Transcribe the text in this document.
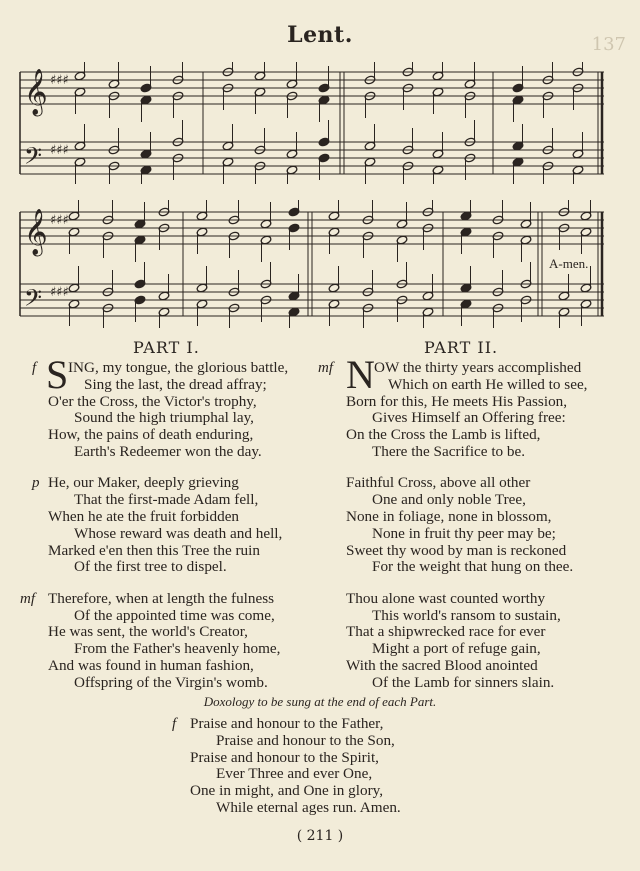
Lent.	137
𝄞
𝄢
♯♯♯
♯♯♯
𝄞
𝄢
♯♯♯
♯♯♯
A-men.
PART I.	PART II.
f S ING, my tongue, the glorious battle,
Sing the last, the dread affray;
O'er the Cross, the Victor's trophy,
Sound the high triumphal lay,
How, the pains of death enduring,
Earth's Redeemer won the day.
p He, our Maker, deeply grieving
That the first-made Adam fell,
When he ate the fruit forbidden
Whose reward was death and hell,
Marked e'en then this Tree the ruin
Of the first tree to dispel.
mf Therefore, when at length the fulness
Of the appointed time was come,
He was sent, the world's Creator,
From the Father's heavenly home,
And was found in human fashion,
Offspring of the Virgin's womb.
mf N OW the thirty years accomplished
Which on earth He willed to see,
Born for this, He meets His Passion,
Gives Himself an Offering free:
On the Cross the Lamb is lifted,
There the Sacrifice to be.
Faithful Cross, above all other
One and only noble Tree,
None in foliage, none in blossom,
None in fruit thy peer may be;
Sweet thy wood by man is reckoned
For the weight that hung on thee.
Thou alone wast counted worthy
This world's ransom to sustain,
That a shipwrecked race for ever
Might a port of refuge gain,
With the sacred Blood anointed
Of the Lamb for sinners slain.
Doxology to be sung at the end of each Part.
f Praise and honour to the Father,
Praise and honour to the Son,
Praise and honour to the Spirit,
Ever Three and ever One,
One in might, and One in glory,
While eternal ages run. Amen.
( 211 )
